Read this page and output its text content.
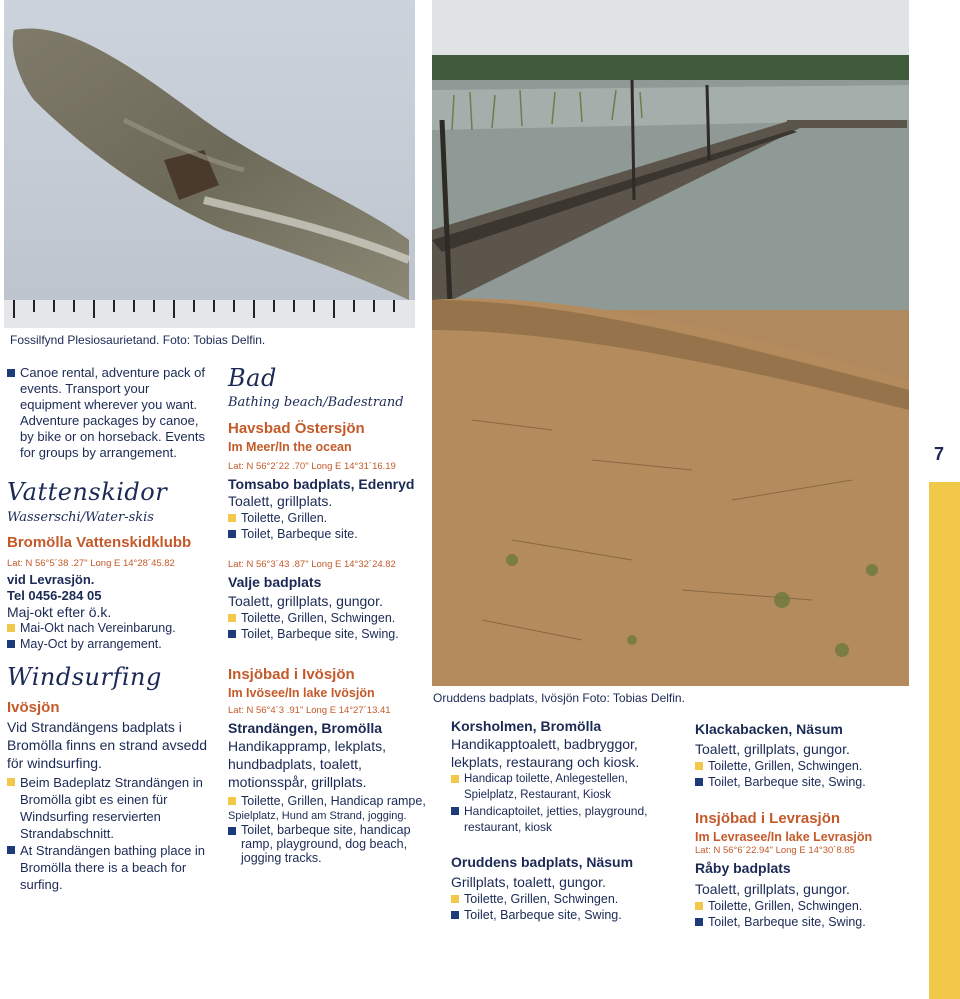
Fossilfynd Plesiosaurietand. Foto: Tobias Delfin.
Oruddens badplats, Ivösjön Foto: Tobias Delfin.
7
Canoe rental, adventure pack of events. Transport your equipment wherever you want. Adventure packages by canoe, by bike or on horseback. Events for groups by arrangement.
Vattenskidor
Wasserschi/Water-skis
Bromölla Vattenskidklubb
Lat: N 56°5´38 .27" Long E 14°28´45.82
vid Levrasjön.
Tel 0456-284 05
Maj-okt efter ö.k.
Mai-Okt nach Vereinbarung.
May-Oct by arrangement.
Windsurfing
Ivösjön
Vid Strandängens badplats i Bromölla finns en strand avsedd för windsurfing.
Beim Badeplatz Strandängen in Bromölla gibt es einen für Windsurfing reservierten Strandabschnitt.
At Strandängen bathing place in Bromölla there is a beach for surfing.
Bad
Bathing beach/Badestrand
Havsbad Östersjön
Im Meer/In the ocean
Lat: N 56°2´22 .70" Long E 14°31´16.19
Tomsabo badplats, Edenryd
Toalett, grillplats.
Toilette, Grillen.
Toilet, Barbeque site.
Lat: N 56°3´43 .87" Long E 14°32´24.82
Valje badplats
Toalett, grillplats, gungor.
Toilette, Grillen, Schwingen.
Toilet, Barbeque site, Swing.
Insjöbad i Ivösjön
Im Ivösee/In lake Ivösjön
Lat: N 56°4´3 .91" Long E 14°27´13.41
Strandängen, Bromölla
Handikappramp, lekplats, hundbadplats, toalett, motionsspår, grillplats.
Toilette, Grillen, Handicap rampe,
Spielplatz, Hund am Strand, jogging.
Toilet, barbeque site, handicap ramp, playground, dog beach, jogging tracks.
Korsholmen, Bromölla
Handikapptoalett, badbryggor, lekplats, restaurang och kiosk.
Handicap toilette, Anlegestellen, Spielplatz, Restaurant, Kiosk
Handicaptoilet, jetties, playground, restaurant, kiosk
Oruddens badplats, Näsum
Grillplats, toalett, gungor.
Toilette, Grillen, Schwingen.
Toilet, Barbeque site, Swing.
Klackabacken, Näsum
Toalett, grillplats, gungor.
Toilette, Grillen, Schwingen.
Toilet, Barbeque site, Swing.
Insjöbad i Levrasjön
Im Levrasee/In lake Levrasjön
Lat: N 56°6´22.94" Long E 14°30´8.85
Råby badplats
Toalett, grillplats, gungor.
Toilette, Grillen, Schwingen.
Toilet, Barbeque site, Swing.
